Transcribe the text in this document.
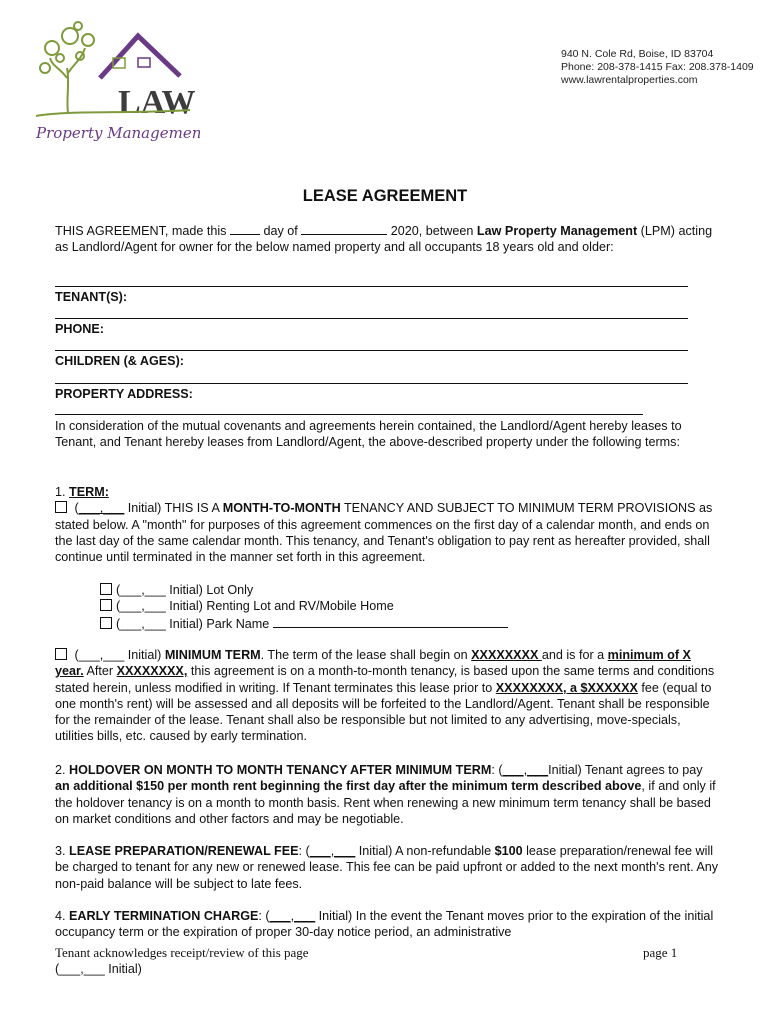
LAW
Property Management
940 N. Cole Rd, Boise, ID 83704
Phone: 208-378-1415 Fax: 208.378-1409
www.lawrentalproperties.com
LEASE AGREEMENT
THIS AGREEMENT, made this  day of	2020, between Law Property Management (LPM) acting as Landlord/Agent for owner for the below named property and all occupants 18 years old and older:
TENANT(S):
PHONE:
CHILDREN (& AGES):
PROPERTY ADDRESS:
In consideration of the mutual covenants and agreements herein contained, the Landlord/Agent hereby leases to Tenant, and Tenant hereby leases from Landlord/Agent, the above-described property under the following terms:
1. TERM:
(___,___ Initial) THIS IS A MONTH-TO-MONTH TENANCY AND SUBJECT TO MINIMUM TERM PROVISIONS as stated below. A "month" for purposes of this agreement commences on the first day of a calendar month, and ends on the last day of the same calendar month. This tenancy, and Tenant's obligation to pay rent as hereafter provided, shall continue until terminated in the manner set forth in this agreement.
(___,___ Initial) Lot Only
(___,___ Initial) Renting Lot and RV/Mobile Home
(___,___ Initial) Park Name
(___,___ Initial) MINIMUM TERM. The term of the lease shall begin on XXXXXXXX and is for a minimum of X year. After XXXXXXXX, this agreement is on a month-to-month tenancy, is based upon the same terms and conditions stated herein, unless modified in writing. If Tenant terminates this lease prior to XXXXXXXX, a $XXXXXX fee (equal to one month's rent) will be assessed and all deposits will be forfeited to the Landlord/Agent. Tenant shall be responsible for the remainder of the lease. Tenant shall also be responsible but not limited to any advertising, move-specials, utilities bills, etc. caused by early termination.
2. HOLDOVER ON MONTH TO MONTH TENANCY AFTER MINIMUM TERM: (___,___Initial) Tenant agrees to pay an additional $150 per month rent beginning the first day after the minimum term described above, if and only if the holdover tenancy is on a month to month basis. Rent when renewing a new minimum term tenancy shall be based on market conditions and other factors and may be negotiable.
3. LEASE PREPARATION/RENEWAL FEE: (___,___ Initial) A non-refundable $100 lease preparation/renewal fee will be charged to tenant for any new or renewed lease. This fee can be paid upfront or added to the next month's rent. Any non-paid balance will be subject to late fees.
4. EARLY TERMINATION CHARGE: (___,___ Initial) In the event the Tenant moves prior to the expiration of the initial occupancy term or the expiration of proper 30-day notice period, an administrative
Tenant acknowledges receipt/review of this page	page 1
(___,___ Initial)
